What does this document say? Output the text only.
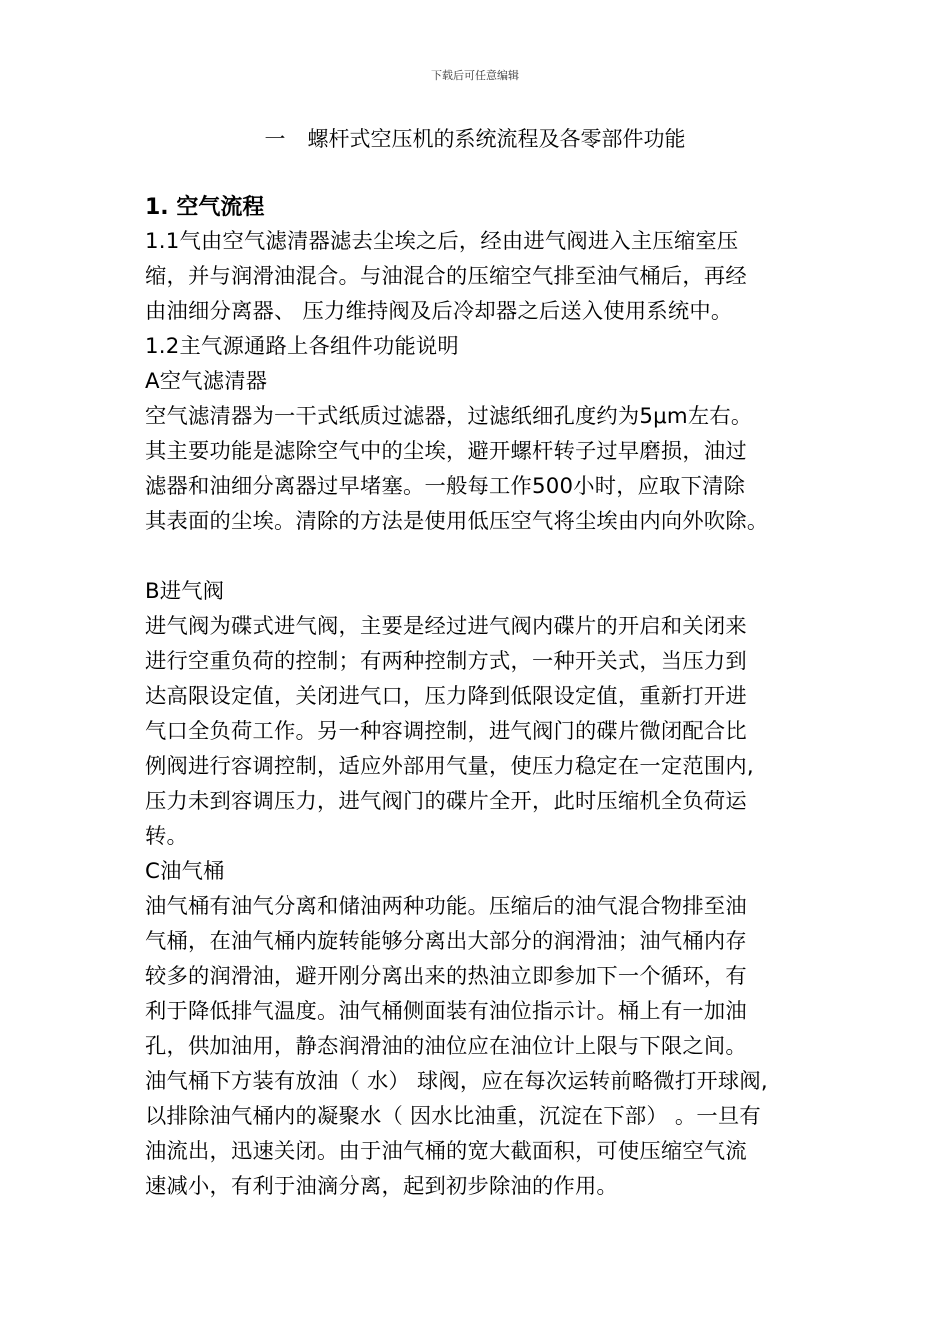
下载后可任意编辑
一 螺杆式空压机的系统流程及各零部件功能
1. 空气流程
1.1气由空气滤清器滤去尘埃之后，经由进气阀进入主压缩室压
缩，并与润滑油混合。与油混合的压缩空气排至油气桶后，再经
由油细分离器、 压力维持阀及后冷却器之后送入使用系统中。
1.2主气源通路上各组件功能说明
A空气滤清器
空气滤清器为一干式纸质过滤器，过滤纸细孔度约为5μm左右。
其主要功能是滤除空气中的尘埃，避开螺杆转子过早磨损，油过
滤器和油细分离器过早堵塞。一般每工作500小时，应取下清除
其表面的尘埃。清除的方法是使用低压空气将尘埃由内向外吹除。
B进气阀
进气阀为碟式进气阀，主要是经过进气阀内碟片的开启和关闭来
进行空重负荷的控制；有两种控制方式，一种开关式，当压力到
达高限设定值，关闭进气口，压力降到低限设定值，重新打开进
气口全负荷工作。另一种容调控制，进气阀门的碟片微闭配合比
例阀进行容调控制，适应外部用气量，使压力稳定在一定范围内,
压力未到容调压力，进气阀门的碟片全开，此时压缩机全负荷运
转。
C油气桶
油气桶有油气分离和储油两种功能。压缩后的油气混合物排至油
气桶，在油气桶内旋转能够分离出大部分的润滑油；油气桶内存
较多的润滑油，避开刚分离出来的热油立即参加下一个循环，有
利于降低排气温度。油气桶侧面装有油位指示计。桶上有一加油
孔，供加油用，静态润滑油的油位应在油位计上限与下限之间。
油气桶下方装有放油（ 水） 球阀，应在每次运转前略微打开球阀,
以排除油气桶内的凝聚水（ 因水比油重，沉淀在下部） 。一旦有
油流出，迅速关闭。由于油气桶的宽大截面积，可使压缩空气流
速减小，有利于油滴分离，起到初步除油的作用。
